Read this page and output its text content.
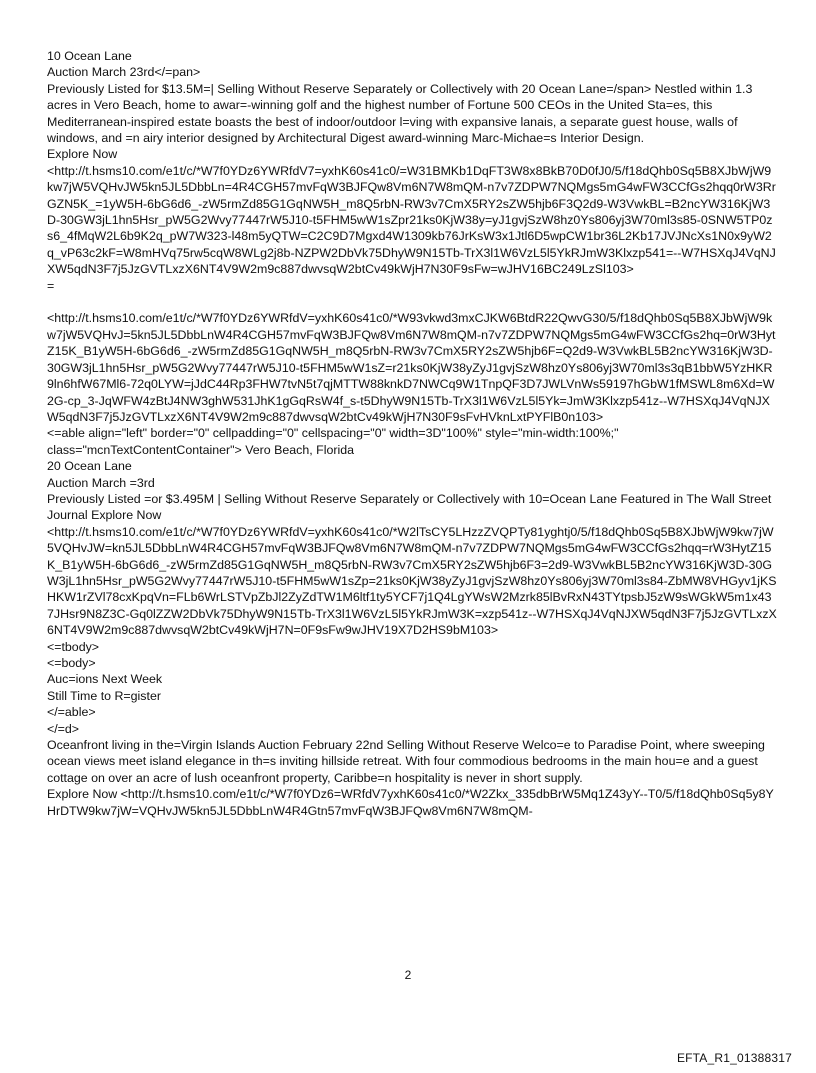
10 Ocean Lane
Auction March 23rd</=pan>
Previously Listed for $13.5M=| Selling Without Reserve Separately or Collectively with 20 Ocean Lane=/span> Nestled within 1.3 acres in Vero Beach, home to awar=-winning golf and the highest number of Fortune 500 CEOs in the United Sta=es, this Mediterranean-inspired estate boasts the best of indoor/outdoor l=ving with expansive lanais, a separate guest house, walls of windows, and =n airy interior designed by Architectural Digest award-winning Marc-Michae=s Interior Design.
Explore Now
<http://t.hsms10.com/e1t/c/*W7f0YDz6YWRfdV7=yxhK60s41c0/=W31BMKb1DqFT3W8x8BkB70D0fJ0/5/f18dQhb0Sq5B8XJbWjW9kw7jW5VQHvJW5kn5JL5DbbLn=4R4CGH57mvFqW3BJFQw8Vm6N7W8mQM-n7v7ZDPW7NQMgs5mG4wFW3CCfGs2hqq0rW3RrGZN5K_=1yW5H-6bG6d6_-zW5rmZd85G1GqNW5H_m8Q5rbN-RW3v7CmX5RY2sZW5hjb6F3Q2d9-W3VwkBL=B2ncYW316KjW3D-30GW3jL1hn5Hsr_pW5G2Wvy77447rW5J10-t5FHM5wW1sZpr21ks0KjW38y=yJ1gvjSzW8hz0Ys806yj3W70ml3s85-0SNW5TP0zs6_4fMqW2L6b9K2q_pW7W323-l48m5yQTW=C2C9D7Mgxd4W1309kb76JrKsW3x1Jtl6D5wpCW1br36L2Kb17JVJNcXs1N0x9yW2q_vP63c2kF=W8mHVq75rw5cqW8WLg2j8b-NZPW2DbVk75DhyW9N15Tb-TrX3l1W6VzL5l5YkRJmW3Klxzp541=--W7HSXqJ4VqNJXW5qdN3F7j5JzGVTLxzX6NT4V9W2m9c887dwvsqW2btCv49kWjH7N30F9sFw=wJHV16BC249LzSl103>
=
<http://t.hsms10.com/e1t/c/*W7f0YDz6YWRfdV=yxhK60s41c0/*W93vkwd3mxCJKW6BtdR22QwvG30/5/f18dQhb0Sq5B8XJbWjW9kw7jW5VQHvJ=5kn5JL5DbbLnW4R4CGH57mvFqW3BJFQw8Vm6N7W8mQM-n7v7ZDPW7NQMgs5mG4wFW3CCfGs2hq=0rW3HytZ15K_B1yW5H-6bG6d6_-zW5rmZd85G1GqNW5H_m8Q5rbN-RW3v7CmX5RY2sZW5hjb6F=Q2d9-W3VwkBL5B2ncYW316KjW3D-30GW3jL1hn5Hsr_pW5G2Wvy77447rW5J10-t5FHM5wW1sZ=r21ks0KjW38yZyJ1gvjSzW8hz0Ys806yj3W70ml3s3qB1bbW5YzHKR9ln6hfW67Ml6-72q0LYW=jJdC44Rp3FHW7tvN5t7qjMTTW88knkD7NWCq9W1TnpQF3D7JWLVnWs59197hGbW1fMSWL8m6Xd=W2G-cp_3-JqWFW4zBtJ4NW3ghW531JhK1gGqRsW4f_s-t5DhyW9N15Tb-TrX3l1W6VzL5l5Yk=JmW3Klxzp541z--W7HSXqJ4VqNJXW5qdN3F7j5JzGVTLxzX6NT4V9W2m9c887dwvsqW2btCv49kWjH7N30F9sFvHVknLxtPYFlB0n103>
<=able align="left" border="0" cellpadding="0" cellspacing="0" width=3D"100%" style="min-width:100%;" class="mcnTextContentContainer"> Vero Beach, Florida
20 Ocean Lane
Auction March =3rd
Previously Listed =or $3.495M | Selling Without Reserve Separately or Collectively with 10=Ocean Lane Featured in The Wall Street Journal Explore Now
<http://t.hsms10.com/e1t/c/*W7f0YDz6YWRfdV=yxhK60s41c0/*W2lTsCY5LHzzZVQPTy81yghtj0/5/f18dQhb0Sq5B8XJbWjW9kw7jW5VQHvJW=kn5JL5DbbLnW4R4CGH57mvFqW3BJFQw8Vm6N7W8mQM-n7v7ZDPW7NQMgs5mG4wFW3CCfGs2hqq=rW3HytZ15K_B1yW5H-6bG6d6_-zW5rmZd85G1GqNW5H_m8Q5rbN-RW3v7CmX5RY2sZW5hjb6F3=2d9-W3VwkBL5B2ncYW316KjW3D-30GW3jL1hn5Hsr_pW5G2Wvy77447rW5J10-t5FHM5wW1sZp=21ks0KjW38yZyJ1gvjSzW8hz0Ys806yj3W70ml3s84-ZbMW8VHGyv1jKSHKW1rZVl78cxKpqVn=FLb6WrLSTVpZbJl2ZyZdTW1M6ltf1ty5YCF7j1Q4LgYWsW2Mzrk85lBvRxN43TYtpsbJ5zW9sWGkW5m1x437JHsr9N8Z3C-Gq0lZZW2DbVk75DhyW9N15Tb-TrX3l1W6VzL5l5YkRJmW3K=xzp541z--W7HSXqJ4VqNJXW5qdN3F7j5JzGVTLxzX6NT4V9W2m9c887dwvsqW2btCv49kWjH7N=0F9sFw9wJHV19X7D2HS9bM103>
<=tbody>
<=body>
Auc=ions Next Week
Still Time to R=gister
</=able>
</=d>
Oceanfront living in the=Virgin Islands Auction February 22nd Selling Without Reserve Welco=e to Paradise Point, where sweeping ocean views meet island elegance in th=s inviting hillside retreat. With four commodious bedrooms in the main hou=e and a guest cottage on over an acre of lush oceanfront property, Caribbe=n hospitality is never in short supply.
Explore Now <http://t.hsms10.com/e1t/c/*W7f0YDz6=WRfdV7yxhK60s41c0/*W2Zkx_335dbBrW5Mq1Z43yY--T0/5/f18dQhb0Sq5y8YHrDTW9kw7jW=VQHvJW5kn5JL5DbbLnW4R4Gtn57mvFqW3BJFQw8Vm6N7W8mQM-
2
EFTA_R1_01388317
